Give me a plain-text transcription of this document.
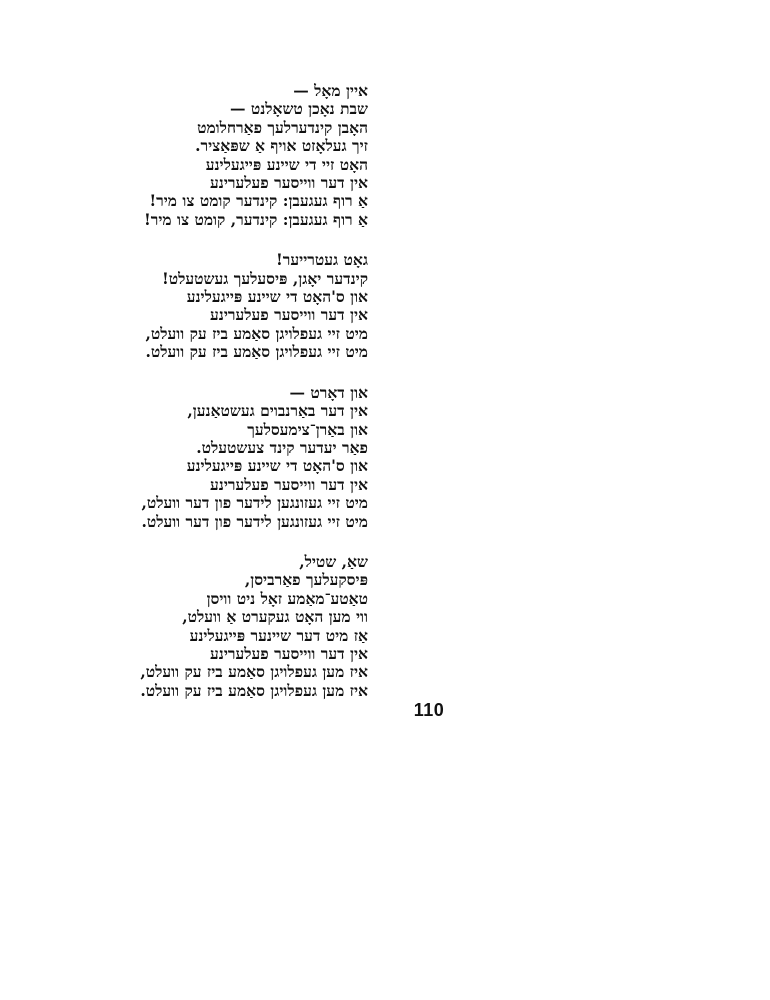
איין מאָל —
שבת נאָכן טשאָלנט —
האָבן קינדערלעך פאַרחלומט
זיך געלאָזט אויף אַ שפּאַציר.
האָט זיי די שיינע פּייגעלינע
אין דער ווייסער פעלערינע
אַ רוף געגעבן: קינדער קומט צו מיר!
אַ רוף געגעבן: קינדער, קומט צו מיר!
גאָט געטרייער!
קינדער יאָגן, פּיסעלעך געשטעלט!
און ס'האָט די שיינע פּייגעלינע
אין דער ווייסער פעלערינע
מיט זיי געפלויגן סאַמע ביז עק וועלט,
מיט זיי געפלויגן סאַמע ביז עק וועלט.
און דאָרט —
אין דער באַרנבוים געשטאַנען,
און באַרן־צימעסלעך
פאַר יעדער קינד צעשטעלט.
און ס'האָט די שיינע פּייגעלינע
אין דער ווייסער פעלערינע
מיט זיי געזונגען לידער פון דער וועלט,
מיט זיי געזונגען לידער פון דער וועלט.
שאַ, שטיל,
פּיסקעלעך פאַרביסן,
טאַטע־מאַמע זאָל ניט וויסן
ווי מען האָט געקערט אַ וועלט,
אַז מיט דער שיינער פּייגעלינע
אין דער ווייסער פעלערינע
איז מען געפלויגן סאַמע ביז עק וועלט,
איז מען געפלויגן סאַמע ביז עק וועלט.
110
